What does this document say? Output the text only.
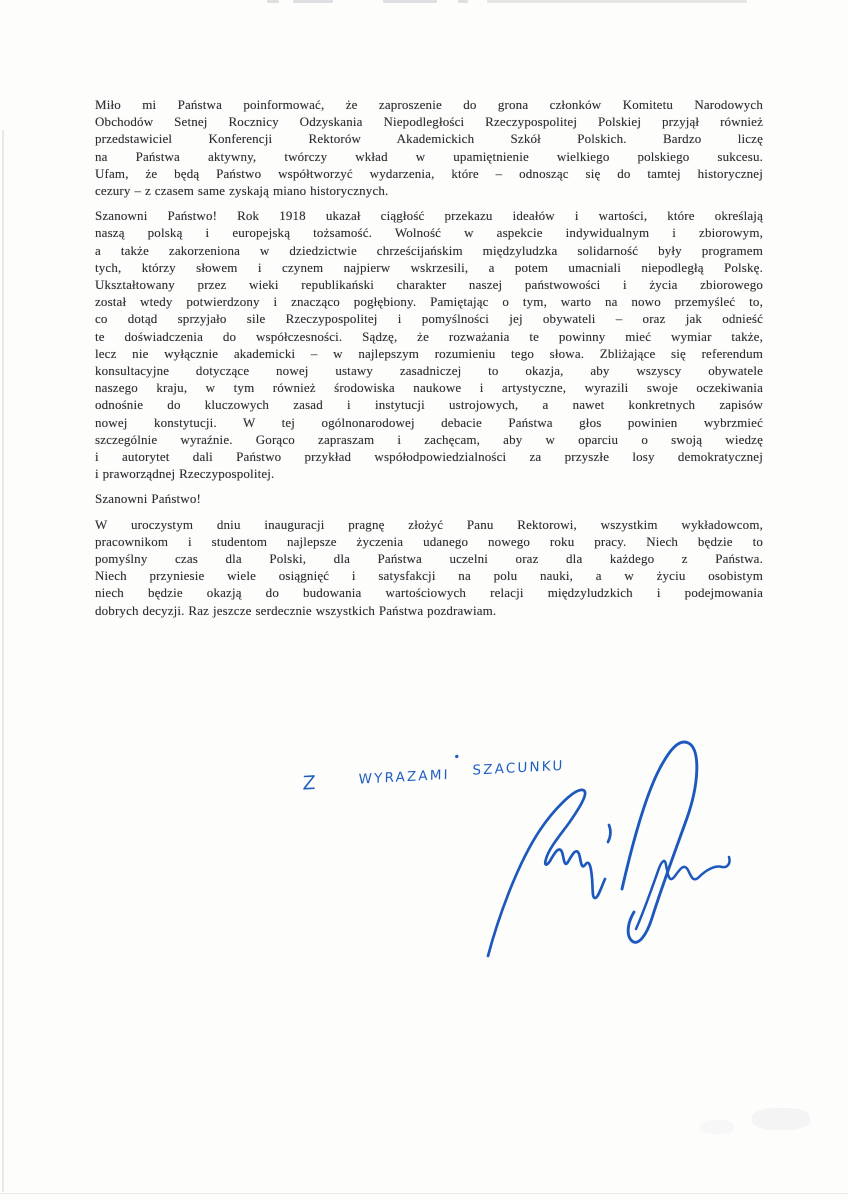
Miło mi Państwa poinformować, że zaproszenie do grona członków Komitetu Narodowych
Obchodów Setnej Rocznicy Odzyskania Niepodległości Rzeczypospolitej Polskiej przyjął również
przedstawiciel Konferencji Rektorów Akademickich Szkół Polskich. Bardzo liczę
na Państwa aktywny, twórczy wkład w upamiętnienie wielkiego polskiego sukcesu.
Ufam, że będą Państwo współtworzyć wydarzenia, które – odnosząc się do tamtej historycznej
cezury – z czasem same zyskają miano historycznych.
Szanowni Państwo! Rok 1918 ukazał ciągłość przekazu ideałów i wartości, które określają
naszą polską i europejską tożsamość. Wolność w aspekcie indywidualnym i zbiorowym,
a także zakorzeniona w dziedzictwie chrześcijańskim międzyludzka solidarność były programem
tych, którzy słowem i czynem najpierw wskrzesili, a potem umacniali niepodległą Polskę.
Ukształtowany przez wieki republikański charakter naszej państwowości i życia zbiorowego
został wtedy potwierdzony i znacząco pogłębiony. Pamiętając o tym, warto na nowo przemyśleć to,
co dotąd sprzyjało sile Rzeczypospolitej i pomyślności jej obywateli – oraz jak odnieść
te doświadczenia do współczesności. Sądzę, że rozważania te powinny mieć wymiar także,
lecz nie wyłącznie akademicki – w najlepszym rozumieniu tego słowa. Zbliżające się referendum
konsultacyjne dotyczące nowej ustawy zasadniczej to okazja, aby wszyscy obywatele
naszego kraju, w tym również środowiska naukowe i artystyczne, wyrazili swoje oczekiwania
odnośnie do kluczowych zasad i instytucji ustrojowych, a nawet konkretnych zapisów
nowej konstytucji. W tej ogólnonarodowej debacie Państwa głos powinien wybrzmieć
szczególnie wyraźnie. Gorąco zapraszam i zachęcam, aby w oparciu o swoją wiedzę
i autorytet dali Państwo przykład współodpowiedzialności za przyszłe losy demokratycznej
i praworządnej Rzeczypospolitej.
Szanowni Państwo!
W uroczystym dniu inauguracji pragnę złożyć Panu Rektorowi, wszystkim wykładowcom,
pracownikom i studentom najlepsze życzenia udanego nowego roku pracy. Niech będzie to
pomyślny czas dla Polski, dla Państwa uczelni oraz dla każdego z Państwa.
Niech przyniesie wiele osiągnięć i satysfakcji na polu nauki, a w życiu osobistym
niech będzie okazją do budowania wartościowych relacji międzyludzkich i podejmowania
dobrych decyzji. Raz jeszcze serdecznie wszystkich Państwa pozdrawiam.
Z	WYRAZAMI SZACUNKU
